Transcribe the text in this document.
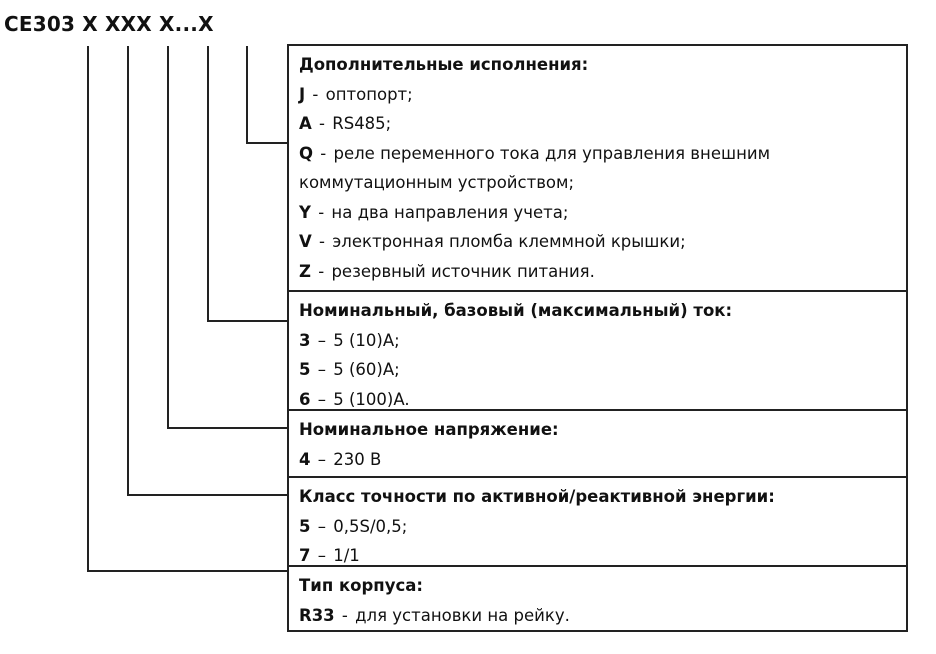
CE303 X XXX X...X
Дополнительные исполнения:
J - оптопорт;
A - RS485;
Q - реле переменного тока для управления внешним
коммутационным устройством;
Y - на два направления учета;
V - электронная пломба клеммной крышки;
Z - резервный источник питания.
Номинальный, базовый (максимальный) ток:
3 – 5 (10)A;
5 – 5 (60)A;
6 – 5 (100)A.
Номинальное напряжение:
4 – 230 В
Класс точности по активной/реактивной энергии:
5 – 0,5S/0,5;
7 – 1/1
Тип корпуса:
R33 - для установки на рейку.
